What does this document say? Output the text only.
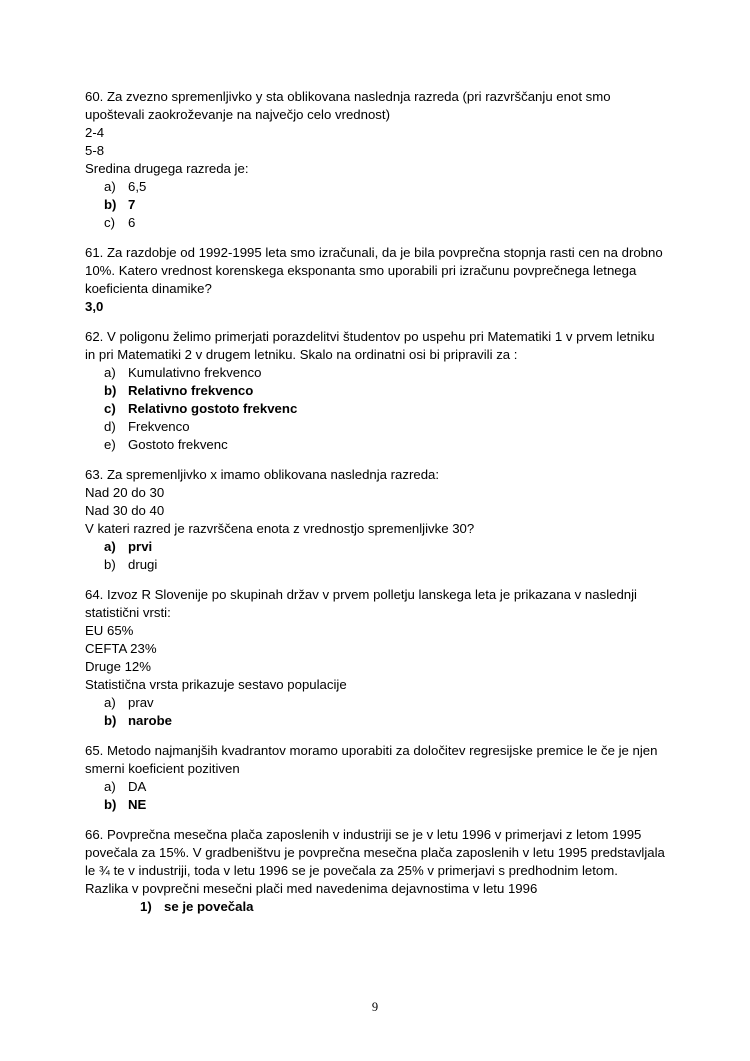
60. Za zvezno spremenljivko y sta oblikovana naslednja razreda (pri razvrščanju enot smo upoštevali zaokroževanje na največjo celo vrednost)

2-4

5-8

Sredina drugega razreda je:

a) 6,5
b) 7
c) 6

61. Za razdobje od 1992-1995 leta smo izračunali, da je bila povprečna stopnja rasti cen na drobno 10%. Katero vrednost korenskega eksponanta smo uporabili pri izračunu povprečnega letnega koeficienta dinamike?

3,0

62. V poligonu želimo primerjati porazdelitvi študentov po uspehu pri Matematiki 1 v prvem letniku in pri Matematiki 2 v drugem letniku. Skalo na ordinatni osi bi pripravili za :

a) Kumulativno frekvenco
b) Relativno frekvenco
c) Relativno gostoto frekvenc
d) Frekvenco
e) Gostoto frekvenc

63. Za spremenljivko x imamo oblikovana naslednja razreda:

Nad 20 do 30

Nad 30 do 40

V kateri razred je razvrščena enota z vrednostjo spremenljivke 30?

a) prvi
b) drugi

64. Izvoz R Slovenije po skupinah držav v prvem polletju lanskega leta je prikazana v naslednji statistični vrsti:

EU 65%

CEFTA 23%

Druge 12%

Statistična vrsta prikazuje sestavo populacije

a) prav
b) narobe

65. Metodo najmanjših kvadrantov moramo uporabiti za določitev regresijske premice le če je njen smerni koeficient pozitiven

a) DA
b) NE

66. Povprečna mesečna plača zaposlenih v industriji se je v letu 1996 v primerjavi z letom 1995 povečala za 15%. V gradbeništvu je povprečna mesečna plača zaposlenih v letu 1995 predstavljala le ¾ te v industriji, toda v letu 1996 se je povečala za 25% v primerjavi s predhodnim letom.

Razlika v povprečni mesečni plači med navedenima dejavnostima v letu 1996

1) se je povečala
9
